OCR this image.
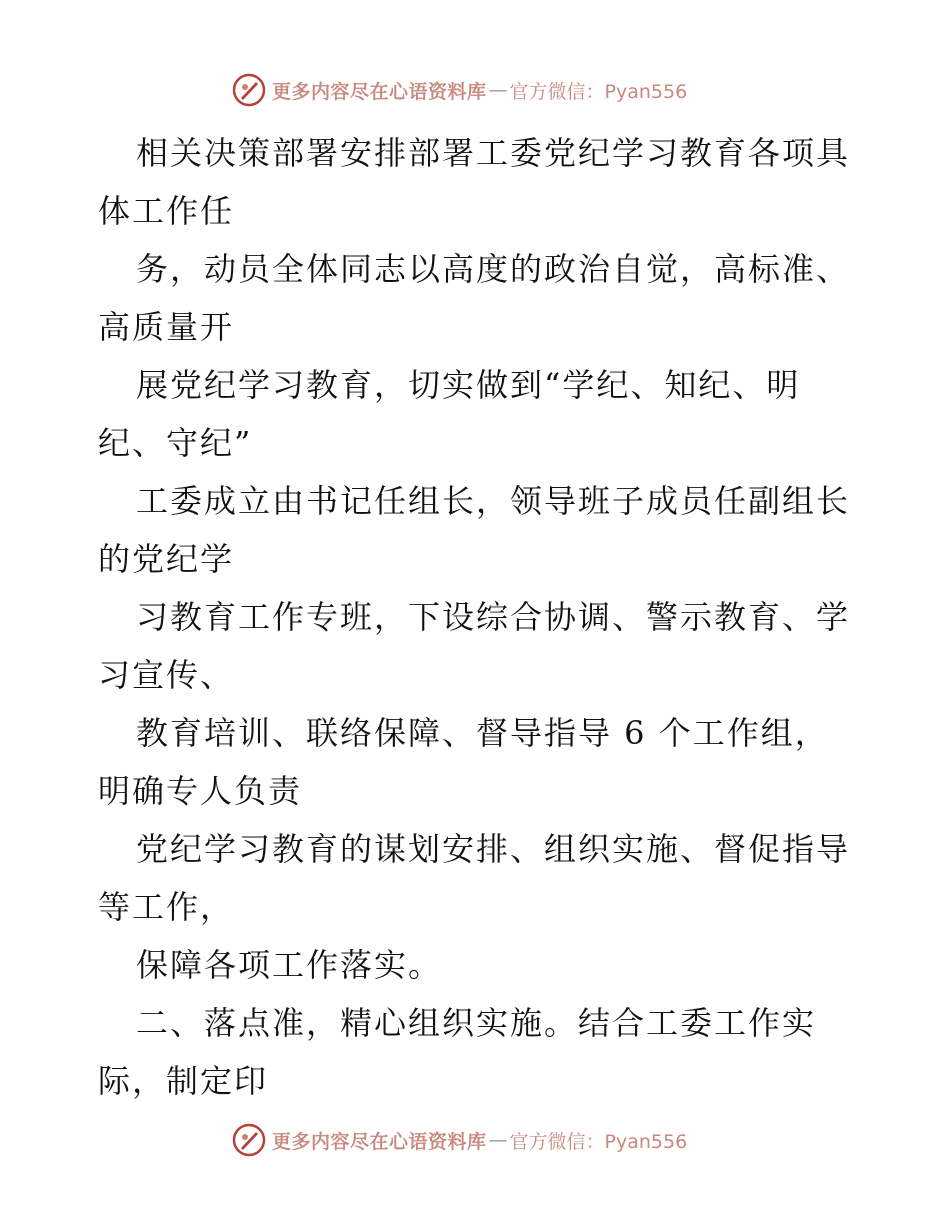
更多内容尽在心语资料库 — 官方微信：Pyan556
相关决策部署安排部署工委党纪学习教育各项具
体工作任
务，动员全体同志以高度的政治自觉，高标准、
高质量开
展党纪学习教育，切实做到“学纪、知纪、明
纪、守纪”
工委成立由书记任组长，领导班子成员任副组长
的党纪学
习教育工作专班，下设综合协调、警示教育、学
习宣传、
教育培训、联络保障、督导指导 6 个工作组，
明确专人负责
党纪学习教育的谋划安排、组织实施、督促指导
等工作，
保障各项工作落实。
二、落点准，精心组织实施。结合工委工作实
际，制定印
更多内容尽在心语资料库 — 官方微信：Pyan556
